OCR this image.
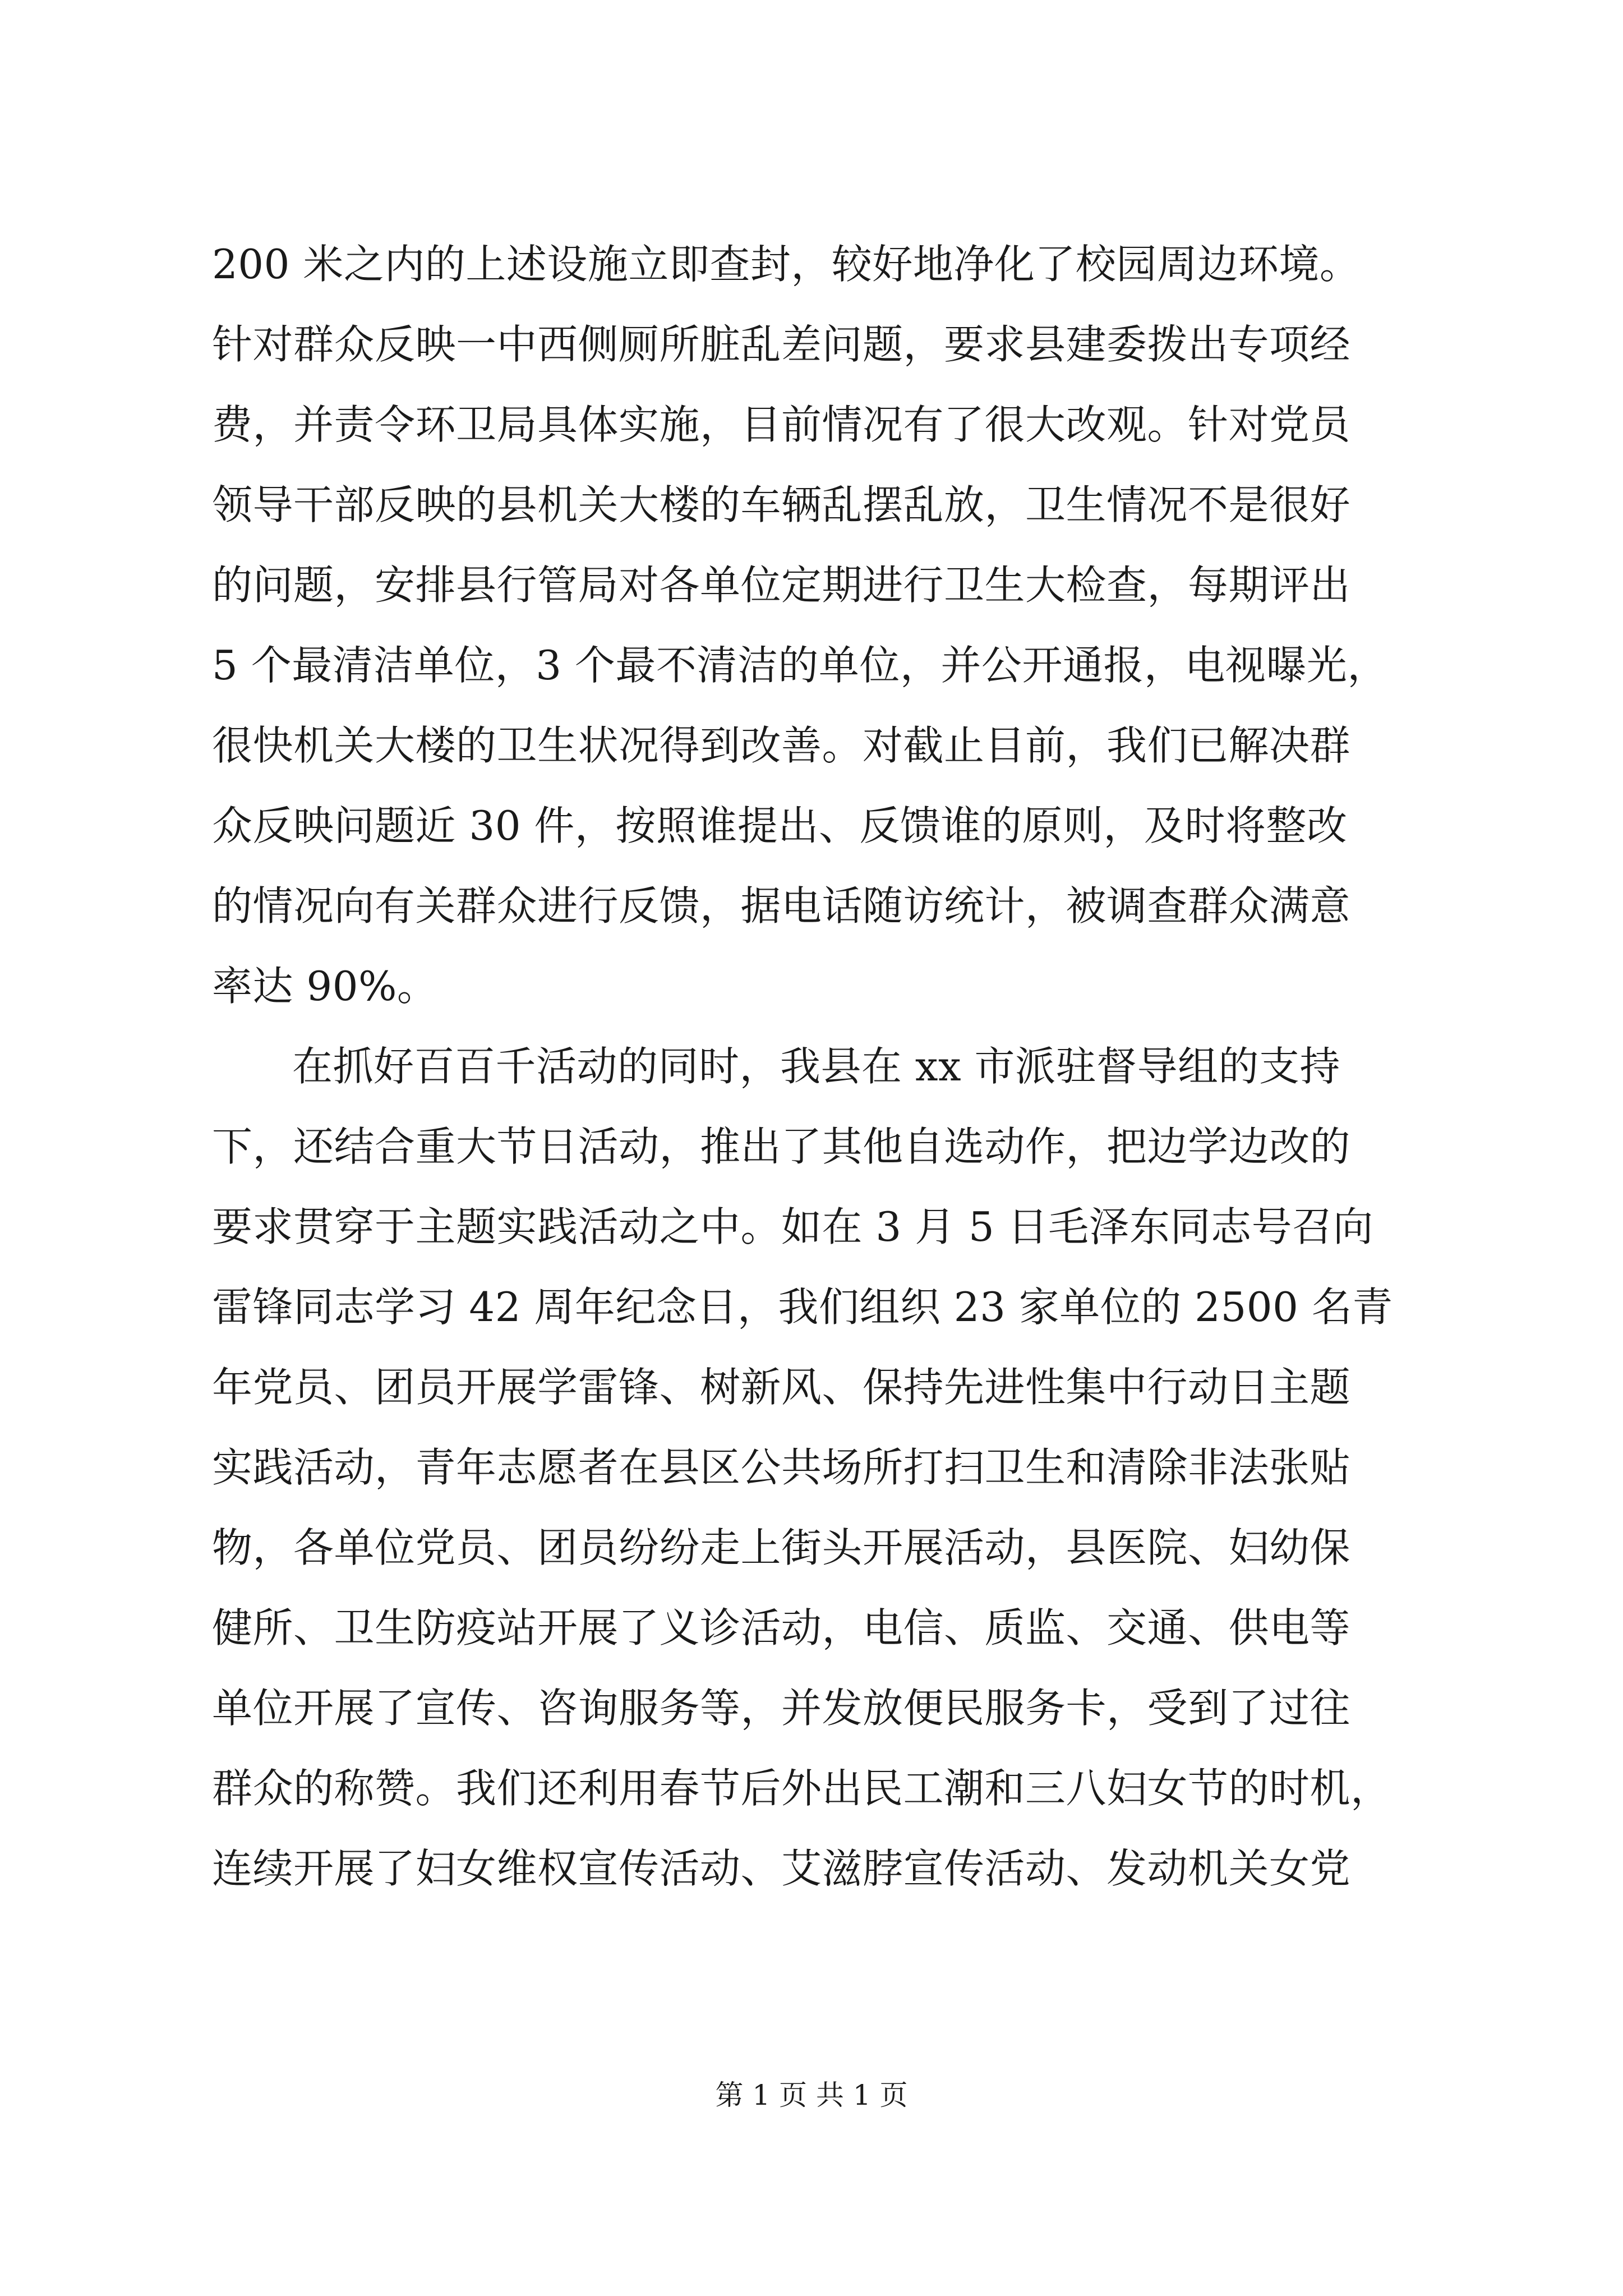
200 米之内的上述设施立即查封，较好地净化了校园周边环境。
针对群众反映一中西侧厕所脏乱差问题，要求县建委拨出专项经
费，并责令环卫局具体实施，目前情况有了很大改观。针对党员
领导干部反映的县机关大楼的车辆乱摆乱放，卫生情况不是很好
的问题，安排县行管局对各单位定期进行卫生大检查，每期评出
5 个最清洁单位，3 个最不清洁的单位，并公开通报，电视曝光，
很快机关大楼的卫生状况得到改善。对截止目前，我们已解决群
众反映问题近 30 件，按照谁提出、反馈谁的原则，及时将整改
的情况向有关群众进行反馈，据电话随访统计，被调查群众满意
率达 90%。
在抓好百百千活动的同时，我县在 xx 市派驻督导组的支持
下，还结合重大节日活动，推出了其他自选动作，把边学边改的
要求贯穿于主题实践活动之中。如在 3 月 5 日毛泽东同志号召向
雷锋同志学习 42 周年纪念日，我们组织 23 家单位的 2500 名青
年党员、团员开展学雷锋、树新风、保持先进性集中行动日主题
实践活动，青年志愿者在县区公共场所打扫卫生和清除非法张贴
物，各单位党员、团员纷纷走上街头开展活动，县医院、妇幼保
健所、卫生防疫站开展了义诊活动，电信、质监、交通、供电等
单位开展了宣传、咨询服务等，并发放便民服务卡，受到了过往
群众的称赞。我们还利用春节后外出民工潮和三八妇女节的时机，
连续开展了妇女维权宣传活动、艾滋脖宣传活动、发动机关女党
第 1 页 共 1 页
